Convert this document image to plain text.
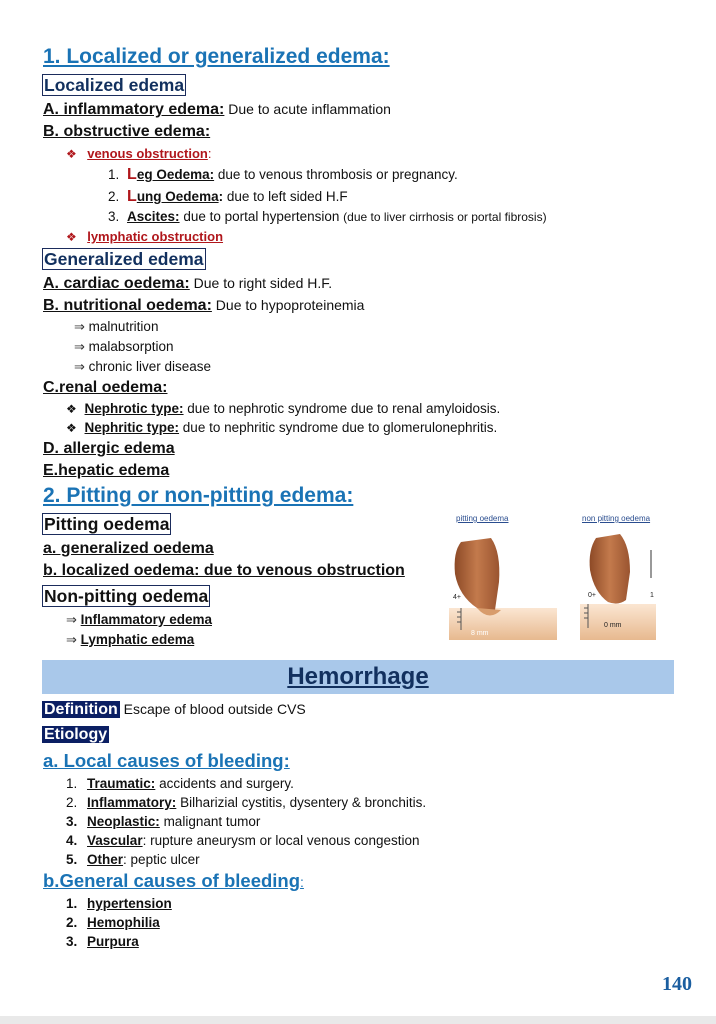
1. Localized or generalized edema:
Localized edema
A. inflammatory edema: Due to acute inflammation
B. obstructive edema:
❖ venous obstruction:
1. Leg Oedema: due to venous thrombosis or pregnancy.
2. Lung Oedema: due to left sided H.F
3. Ascites: due to portal hypertension (due to liver cirrhosis or portal fibrosis)
❖ lymphatic obstruction
Generalized edema
A. cardiac oedema: Due to right sided H.F.
B. nutritional oedema: Due to hypoproteinemia
⇒ malnutrition
⇒ malabsorption
⇒ chronic liver disease
C.renal oedema:
❖ Nephrotic type: due to nephrotic syndrome due to renal amyloidosis.
❖ Nephritic type: due to nephritic syndrome due to glomerulonephritis.
D. allergic edema
E.hepatic edema
2. Pitting or non-pitting edema:
Pitting oedema
a. generalized oedema
b. localized oedema: due to venous obstruction
Non-pitting oedema
⇒ Inflammatory edema
⇒ Lymphatic edema
pitting oedema
4+
8 mm
non pitting oedema
0+	1
0 mm
Hemorrhage
Definition Escape of blood outside CVS
Etiology
a. Local causes of bleeding:
1. Traumatic: accidents and surgery.
2. Inflammatory: Bilharizial cystitis, dysentery & bronchitis.
3. Neoplastic: malignant tumor
4. Vascular: rupture aneurysm or local venous congestion
5. Other: peptic ulcer
b.General causes of bleeding:
1. hypertension
2. Hemophilia
3. Purpura
140
